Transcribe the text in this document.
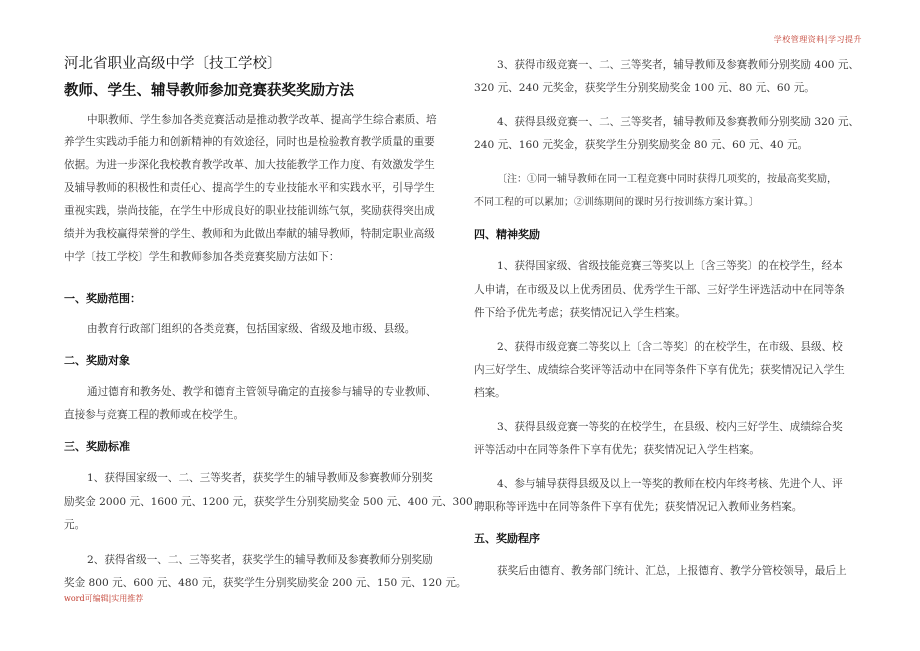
学校管理资料|学习提升
河北省职业高级中学〔技工学校〕
教师、学生、辅导教师参加竞赛获奖奖励方法
中职教师、学生参加各类竞赛活动是推动教学改革、提高学生综合素质、培
养学生实践动手能力和创新精神的有效途径，同时也是检验教育教学质量的重要
依据。为进一步深化我校教育教学改革、加大技能教学工作力度、有效激发学生
及辅导教师的积极性和责任心、提高学生的专业技能水平和实践水平，引导学生
重视实践，崇尚技能，在学生中形成良好的职业技能训练气氛，奖励获得突出成
绩并为我校赢得荣誉的学生、教师和为此做出奉献的辅导教师，特制定职业高级
中学〔技工学校〕学生和教师参加各类竞赛奖励方法如下：
一、奖励范围：
由教育行政部门组织的各类竞赛，包括国家级、省级及地市级、县级。
二、奖励对象
通过德育和教务处、教学和德育主管领导确定的直接参与辅导的专业教师、
直接参与竞赛工程的教师或在校学生。
三、奖励标准
1、获得国家级一、二、三等奖者，获奖学生的辅导教师及参赛教师分别奖
励奖金 2000 元、1600 元、1200 元，获奖学生分别奖励奖金 500 元、400 元、300
元。
2、获得省级一、二、三等奖者，获奖学生的辅导教师及参赛教师分别奖励
奖金 800 元、600 元、480 元，获奖学生分别奖励奖金 200 元、150 元、120 元。
3、获得市级竞赛一、二、三等奖者，辅导教师及参赛教师分别奖励 400 元、
320 元、240 元奖金，获奖学生分别奖励奖金 100 元、80 元、60 元。
4、获得县级竞赛一、二、三等奖者，辅导教师及参赛教师分别奖励 320 元、
240 元、160 元奖金，获奖学生分别奖励奖金 80 元、60 元、40 元。
〔注：①同一辅导教师在同一工程竞赛中同时获得几项奖的，按最高奖奖励，
不同工程的可以累加；②训练期间的课时另行按训练方案计算。〕
四、精神奖励
1、获得国家级、省级技能竞赛三等奖以上〔含三等奖〕的在校学生，经本
人申请，在市级及以上优秀团员、优秀学生干部、三好学生评选活动中在同等条
件下给予优先考虑；获奖情况记入学生档案。
2、获得市级竞赛二等奖以上〔含二等奖〕的在校学生，在市级、县级、校
内三好学生、成绩综合奖评等活动中在同等条件下享有优先；获奖情况记入学生
档案。
3、获得县级竞赛一等奖的在校学生，在县级、校内三好学生、成绩综合奖
评等活动中在同等条件下享有优先；获奖情况记入学生档案。
4、参与辅导获得县级及以上一等奖的教师在校内年终考核、先进个人、评
聘职称等评选中在同等条件下享有优先；获奖情况记入教师业务档案。
五、奖励程序
获奖后由德育、教务部门统计、汇总，上报德育、教学分管校领导，最后上
word可编辑|实用推荐
